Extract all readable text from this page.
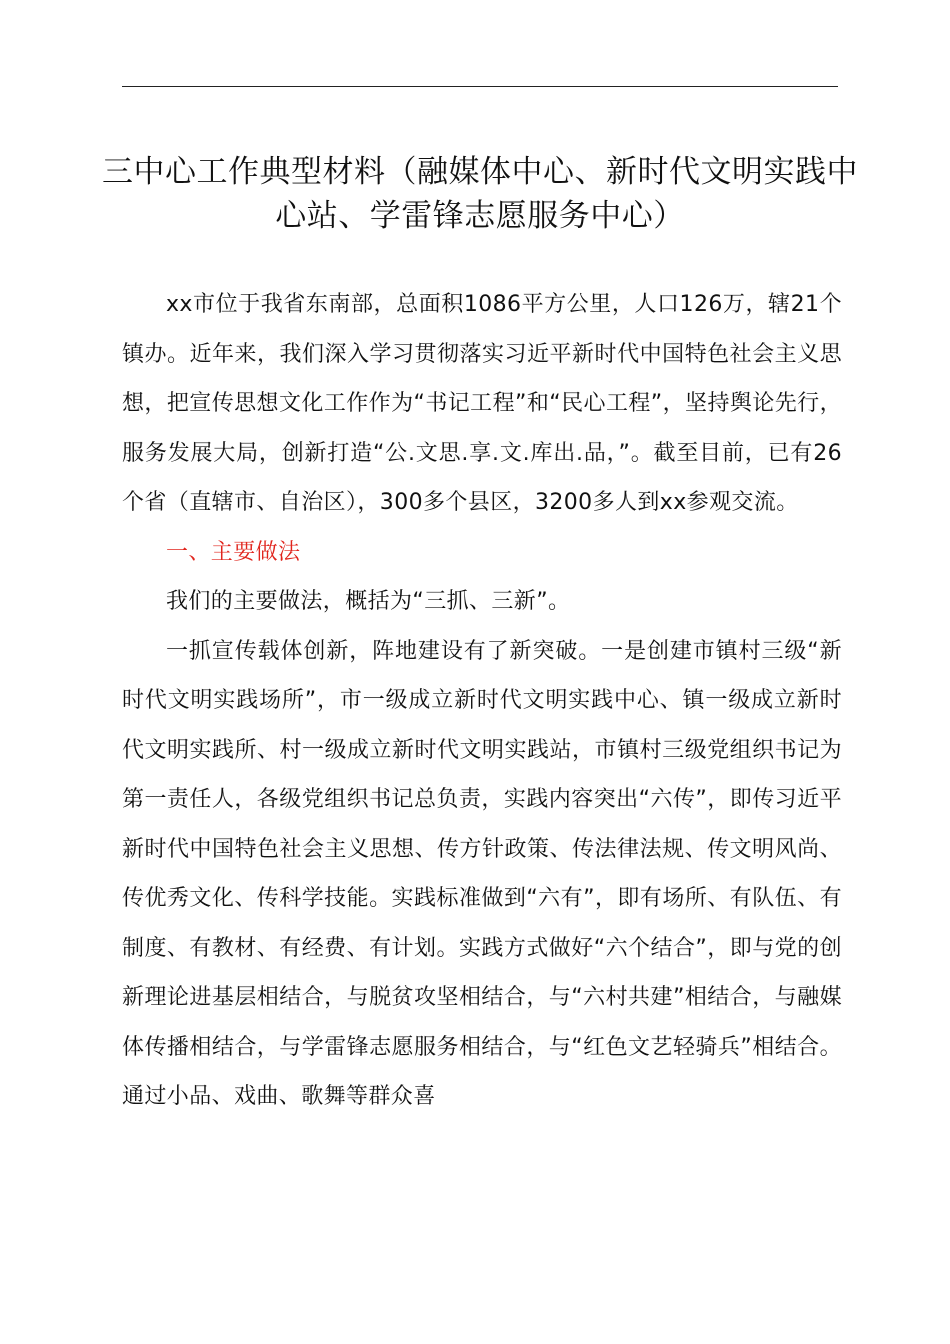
三中心工作典型材料（融媒体中心、新时代文明实践中心站、学雷锋志愿服务中心）

xx市位于我省东南部，总面积1086平方公里，人口126万，辖21个镇办。近年来，我们深入学习贯彻落实习近平新时代中国特色社会主义思想，把宣传思想文化工作作为“书记工程”和“民心工程”，坚持舆论先行，服务发展大局，创新打造“公.文思.享.文.库出.品，”。截至目前，已有26个省（直辖市、自治区），300多个县区，3200多人到xx参观交流。

一、主要做法

我们的主要做法，概括为“三抓、三新”。

一抓宣传载体创新，阵地建设有了新突破。一是创建市镇村三级“新时代文明实践场所”，市一级成立新时代文明实践中心、镇一级成立新时代文明实践所、村一级成立新时代文明实践站，市镇村三级党组织书记为第一责任人，各级党组织书记总负责，实践内容突出“六传”，即传习近平新时代中国特色社会主义思想、传方针政策、传法律法规、传文明风尚、传优秀文化、传科学技能。实践标准做到“六有”，即有场所、有队伍、有制度、有教材、有经费、有计划。实践方式做好“六个结合”，即与党的创新理论进基层相结合，与脱贫攻坚相结合，与“六村共建”相结合，与融媒体传播相结合，与学雷锋志愿服务相结合，与“红色文艺轻骑兵”相结合。通过小品、戏曲、歌舞等群众喜
